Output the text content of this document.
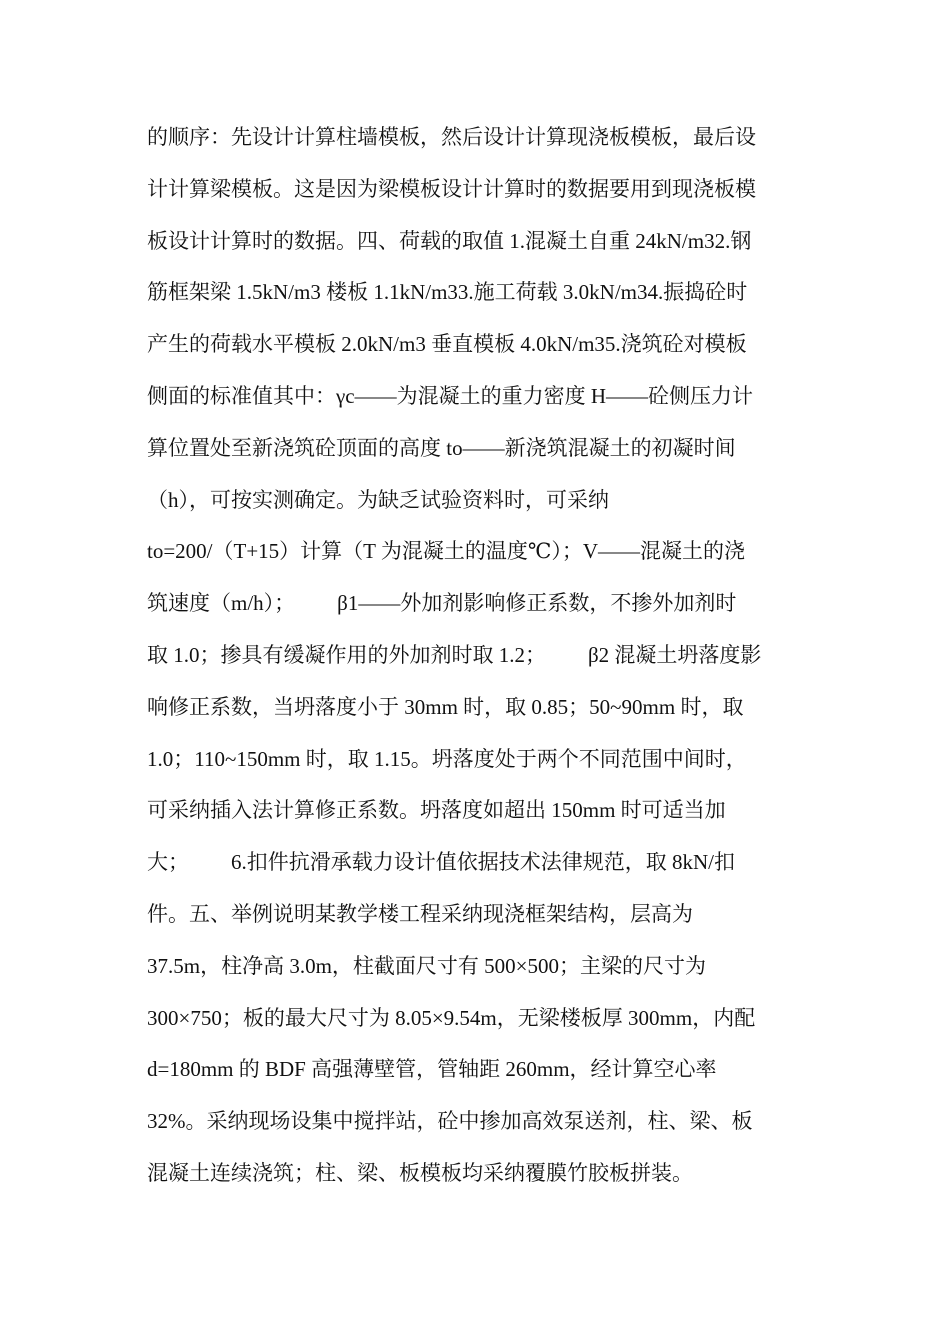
的顺序：先设计计算柱墙模板，然后设计计算现浇板模板，最后设
计计算梁模板。这是因为梁模板设计计算时的数据要用到现浇板模
板设计计算时的数据。四、荷载的取值 1.混凝土自重 24kN/m32.钢
筋框架梁 1.5kN/m3 楼板 1.1kN/m33.施工荷载 3.0kN/m34.振捣砼时
产生的荷载水平模板 2.0kN/m3 垂直模板 4.0kN/m35.浇筑砼对模板
侧面的标准值其中：γc——为混凝土的重力密度 H——砼侧压力计
算位置处至新浇筑砼顶面的高度 to——新浇筑混凝土的初凝时间
（h），可按实测确定。为缺乏试验资料时，可采纳
to=200/（T+15）计算（T 为混凝土的温度℃）；V——混凝土的浇
筑速度（m/h）；        β1——外加剂影响修正系数，不掺外加剂时
取 1.0；掺具有缓凝作用的外加剂时取 1.2；        β2 混凝土坍落度影
响修正系数，当坍落度小于 30mm 时，取 0.85；50~90mm 时，取
1.0；110~150mm 时，取 1.15。坍落度处于两个不同范围中间时，
可采纳插入法计算修正系数。坍落度如超出 150mm 时可适当加
大；        6.扣件抗滑承载力设计值依据技术法律规范，取 8kN/扣
件。五、举例说明某教学楼工程采纳现浇框架结构，层高为
37.5m，柱净高 3.0m，柱截面尺寸有 500×500；主梁的尺寸为
300×750；板的最大尺寸为 8.05×9.54m，无梁楼板厚 300mm，内配
d=180mm 的 BDF 高强薄壁管，管轴距 260mm，经计算空心率
32%。采纳现场设集中搅拌站，砼中掺加高效泵送剂，柱、梁、板
混凝土连续浇筑；柱、梁、板模板均采纳覆膜竹胶板拼装。
